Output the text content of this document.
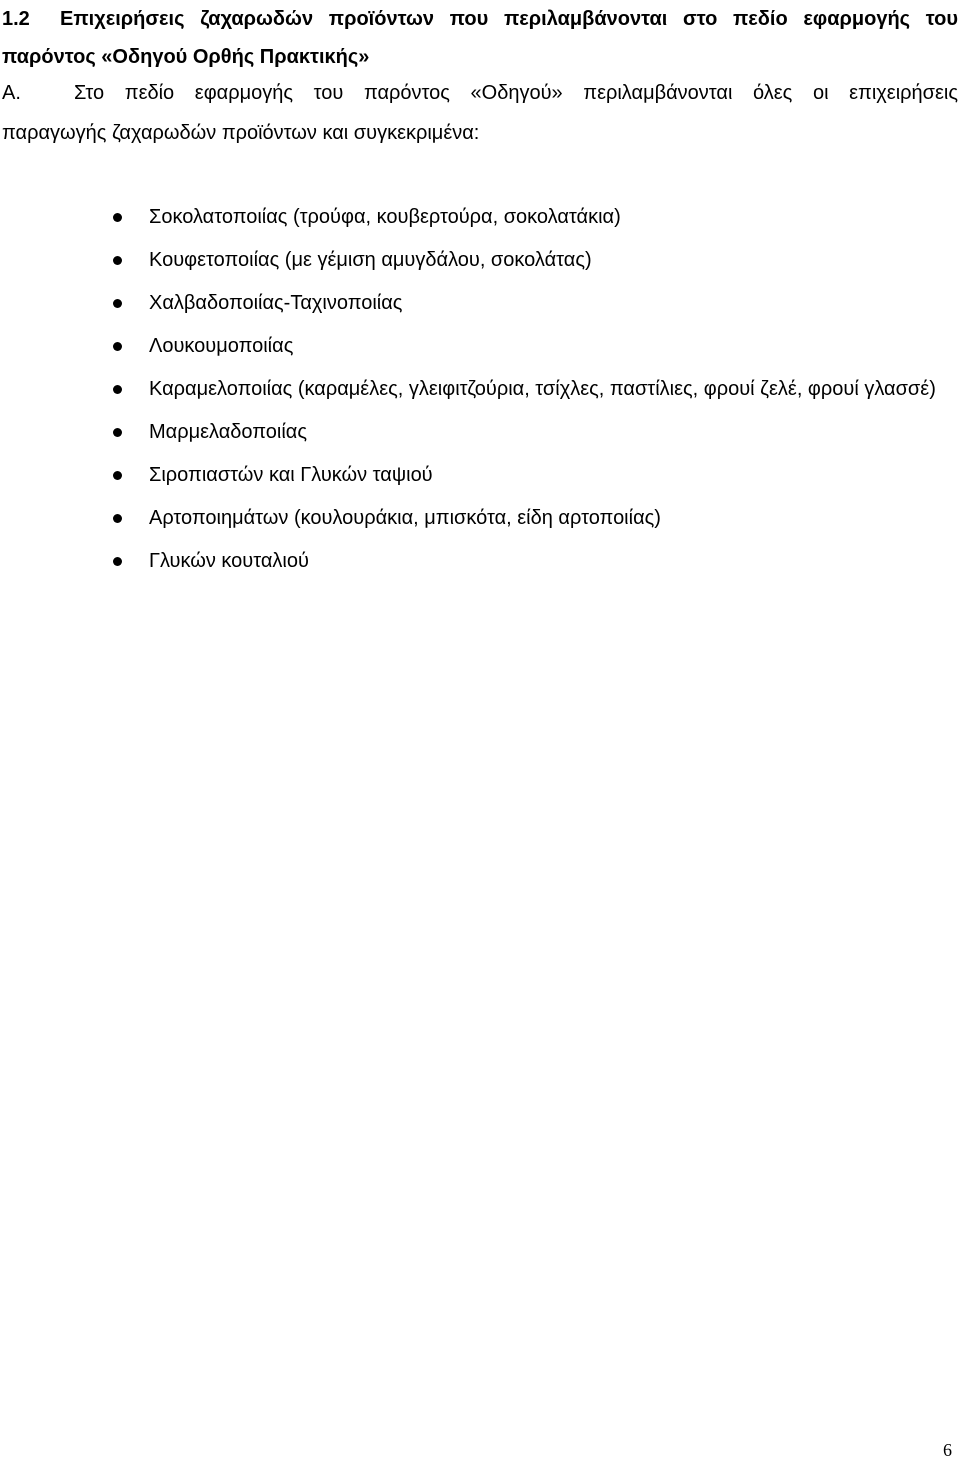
1.2	Επιχειρήσεις ζαχαρωδών προϊόντων που περιλαμβάνονται στο πεδίο εφαρμογής του
παρόντος «Οδηγού Ορθής Πρακτικής»
Α.	Στο πεδίο εφαρμογής του παρόντος «Οδηγού» περιλαμβάνονται όλες οι επιχειρήσεις
παραγωγής ζαχαρωδών προϊόντων και συγκεκριμένα:
Σοκολατοποιίας (τρούφα, κουβερτούρα, σοκολατάκια)
Κουφετοποιίας (με γέμιση αμυγδάλου, σοκολάτας)
Χαλβαδοποιίας-Ταχινοποιίας
Λουκουμοποιίας
Καραμελοποιίας (καραμέλες, γλειφιτζούρια, τσίχλες, παστίλιες, φρουί ζελέ, φρουί γλασσέ)
Μαρμελαδοποιίας
Σιροπιαστών και Γλυκών ταψιού
Αρτοποιημάτων (κουλουράκια, μπισκότα, είδη αρτοποιίας)
Γλυκών κουταλιού
6
